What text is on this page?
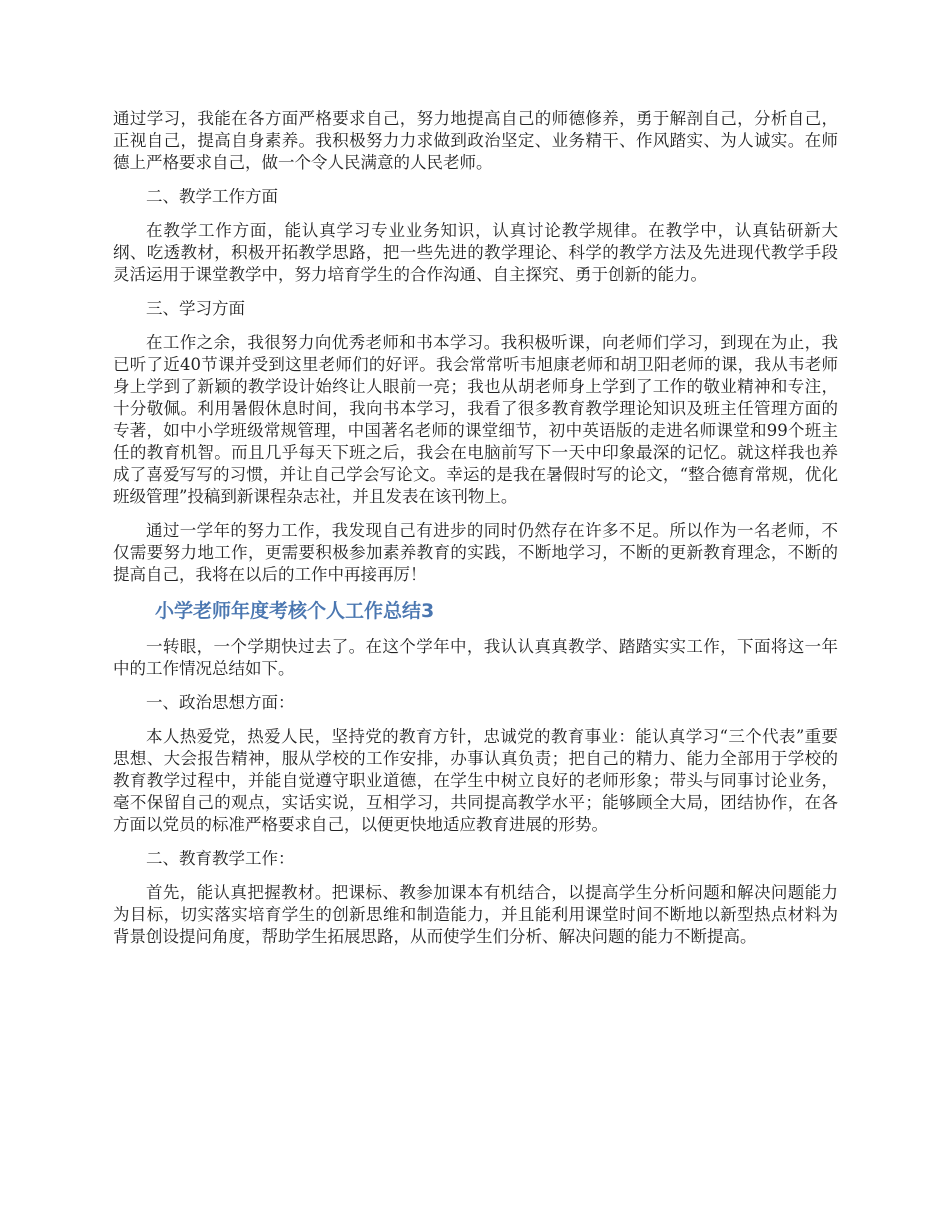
通过学习，我能在各方面严格要求自己，努力地提高自己的师德修养，勇于解剖自己，分析自己，正视自己，提高自身素养。我积极努力力求做到政治坚定、业务精干、作风踏实、为人诚实。在师德上严格要求自己，做一个令人民满意的人民老师。

二、教学工作方面

在教学工作方面，能认真学习专业业务知识，认真讨论教学规律。在教学中，认真钻研新大纲、吃透教材，积极开拓教学思路，把一些先进的教学理论、科学的教学方法及先进现代教学手段灵活运用于课堂教学中，努力培育学生的合作沟通、自主探究、勇于创新的能力。

三、学习方面

在工作之余，我很努力向优秀老师和书本学习。我积极听课，向老师们学习，到现在为止，我已听了近40节课并受到这里老师们的好评。我会常常听韦旭康老师和胡卫阳老师的课，我从韦老师身上学到了新颖的教学设计始终让人眼前一亮；我也从胡老师身上学到了工作的敬业精神和专注，十分敬佩。利用暑假休息时间，我向书本学习，我看了很多教育教学理论知识及班主任管理方面的专著，如中小学班级常规管理，中国著名老师的课堂细节，初中英语版的走进名师课堂和99个班主任的教育机智。而且几乎每天下班之后，我会在电脑前写下一天中印象最深的记忆。就这样我也养成了喜爱写写的习惯，并让自己学会写论文。幸运的是我在暑假时写的论文，“整合德育常规，优化班级管理”投稿到新课程杂志社，并且发表在该刊物上。

通过一学年的努力工作，我发现自己有进步的同时仍然存在许多不足。所以作为一名老师，不仅需要努力地工作，更需要积极参加素养教育的实践，不断地学习，不断的更新教育理念，不断的提高自己，我将在以后的工作中再接再厉！

小学老师年度考核个人工作总结3

一转眼，一个学期快过去了。在这个学年中，我认认真真教学、踏踏实实工作，下面将这一年中的工作情况总结如下。

一、政治思想方面：

本人热爱党，热爱人民，坚持党的教育方针，忠诚党的教育事业：能认真学习“三个代表”重要思想、大会报告精神，服从学校的工作安排，办事认真负责；把自己的精力、能力全部用于学校的教育教学过程中，并能自觉遵守职业道德，在学生中树立良好的老师形象；带头与同事讨论业务，毫不保留自己的观点，实话实说，互相学习，共同提高教学水平；能够顾全大局，团结协作，在各方面以党员的标准严格要求自己，以便更快地适应教育进展的形势。

二、教育教学工作：

首先，能认真把握教材。把课标、教参加课本有机结合，以提高学生分析问题和解决问题能力为目标，切实落实培育学生的创新思维和制造能力，并且能利用课堂时间不断地以新型热点材料为背景创设提问角度，帮助学生拓展思路，从而使学生们分析、解决问题的能力不断提高。
